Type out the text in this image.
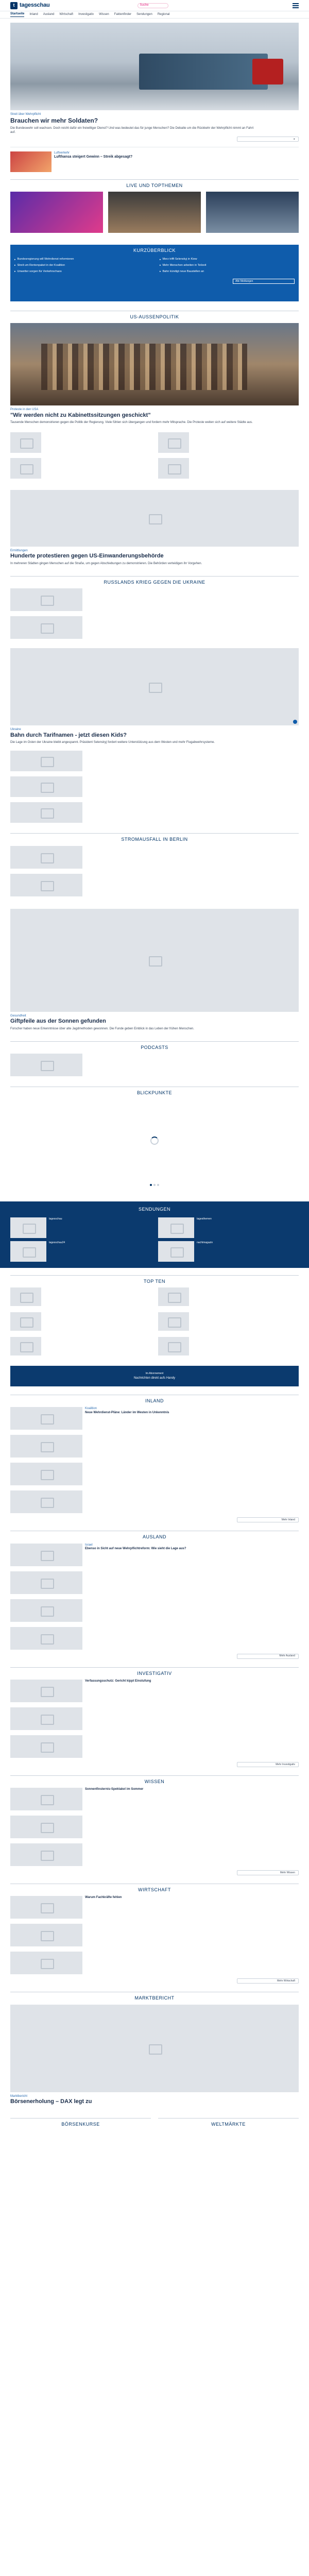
t tagesschau	Suche
Startseite Inland Ausland Wirtschaft Investigativ Wissen Faktenfinder Sendungen Regional
Streit über Wehrpflicht
Brauchen wir mehr Soldaten?
Die Bundeswehr soll wachsen. Doch reicht dafür ein freiwilliger Dienst? Und was bedeutet das für junge Menschen? Die Debatte um die Rückkehr der Wehrpflicht nimmt an Fahrt auf.
▸
Luftverkehr
Lufthansa steigert Gewinn – Streik abgesagt?
LIVE UND TOPTHEMEN
KURZÜBERBLICK
▸ Bundesregierung will Wehrdienst reformieren	▸ Merz trifft Selenskyj in Kiew
▸ Streit um Rentenpaket in der Koalition	▸ Mehr Menschen arbeiten in Teilzeit
▸ Unwetter sorgen für Verkehrschaos	▸ Bahn kündigt neue Baustellen an
Alle Meldungen
US-AUSSENPOLITIK
Proteste in den USA
"Wir werden nicht zu Kabinettssitzungen geschickt"
Tausende Menschen demonstrieren gegen die Politik der Regierung. Viele fühlen sich übergangen und fordern mehr Mitsprache. Die Proteste weiten sich auf weitere Städte aus.
Ermittlungen
Hunderte protestieren gegen US-Einwanderungsbehörde
In mehreren Städten gingen Menschen auf die Straße, um gegen Abschiebungen zu demonstrieren. Die Behörden verteidigen ihr Vorgehen.
RUSSLANDS KRIEG GEGEN DIE UKRAINE
Ukraine
Bahn durch Tarifnamen - jetzt diesen Kids?
Die Lage im Osten der Ukraine bleibt angespannt. Präsident Selenskyj fordert weitere Unterstützung aus dem Westen und mehr Flugabwehrsysteme.
STROMAUSFALL IN BERLIN
Gesundheit
Giftpfeile aus der Sonnen gefunden
Forscher haben neue Erkenntnisse über alte Jagdmethoden gewonnen. Die Funde geben Einblick in das Leben der frühen Menschen.
PODCASTS
BLICKPUNKTE
SENDUNGEN
tagesschau	tagesthemen
tagesschau24	nachtmagazin
TOP TEN
Im Abonnement
Nachrichten direkt aufs Handy
INLAND
Koalition
Neue Wehrdienst-Pläne: Länder im Westen in Unkenntnis
Mehr Inland
AUSLAND
Israel
Ebenso in Sicht auf neue Wehrpflichtreform: Wie sieht die Lage aus?
Mehr Ausland
INVESTIGATIV
Verfassungsschutz: Gericht kippt Einstufung
Mehr Investigativ
WISSEN
Sonnenfinsternis-Spektakel im Sommer
Mehr Wissen
WIRTSCHAFT
Warum Fachkräfte fehlen
Mehr Wirtschaft
MARKTBERICHT
Marktbericht
Börsenerholung – DAX legt zu
BÖRSENKURSE	WELTMÄRKTE
